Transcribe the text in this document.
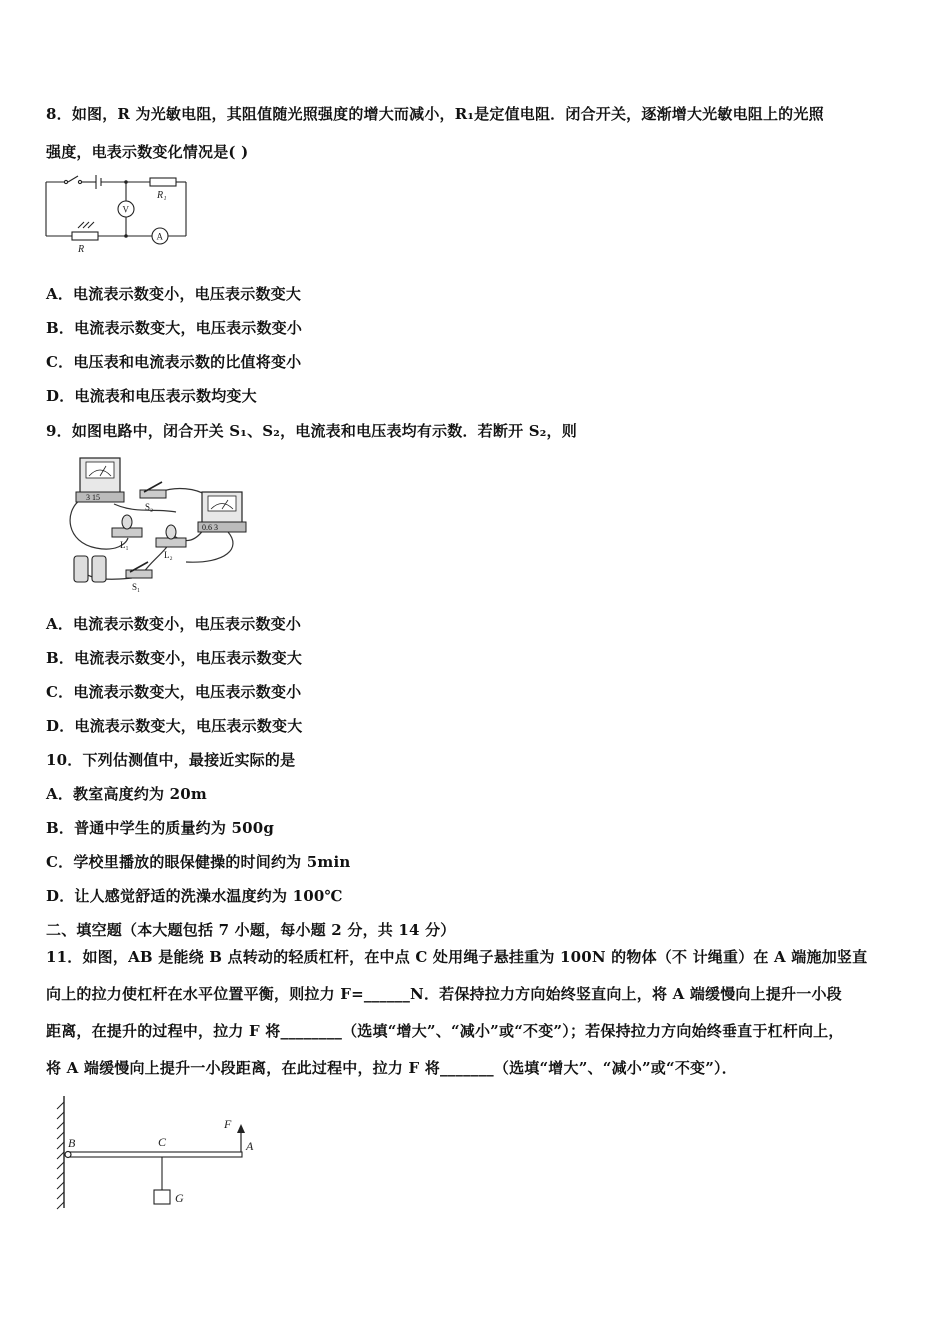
8．如图，R 为光敏电阻，其阻值随光照强度的增大而减小，R₁是定值电阻．闭合开关，逐渐增大光敏电阻上的光照
强度，电表示数变化情况是( )
R₁
R
V
A
A．电流表示数变小，电压表示数变大
B．电流表示数变大，电压表示数变小
C．电压表和电流表示数的比值将变小
D．电流表和电压表示数均变大
9．如图电路中，闭合开关 S₁、S₂，电流表和电压表均有示数．若断开 S₂，则
3 15
0.6 3
S₂
L₁
L₂
S₁
A．电流表示数变小，电压表示数变小
B．电流表示数变小，电压表示数变大
C．电流表示数变大，电压表示数变小
D．电流表示数变大，电压表示数变大
10．下列估测值中，最接近实际的是
A．教室高度约为 20m
B．普通中学生的质量约为 500g
C．学校里播放的眼保健操的时间约为 5min
D．让人感觉舒适的洗澡水温度约为 100℃
二、填空题（本大题包括 7 小题，每小题 2 分，共 14 分）
11．如图，AB 是能绕 B 点转动的轻质杠杆，在中点 C 处用绳子悬挂重为 100N 的物体（不 计绳重）在 A 端施加竖直
向上的拉力使杠杆在水平位置平衡，则拉力 F=______N．若保持拉力方向始终竖直向上，将 A 端缓慢向上提升一小段
距离，在提升的过程中，拉力 F 将________（选填“增大”、“减小”或“不变”）；若保持拉力方向始终垂直于杠杆向上，
将 A 端缓慢向上提升一小段距离，在此过程中，拉力 F 将_______（选填“增大”、“减小”或“不变”）．
B	C
F
A
G
